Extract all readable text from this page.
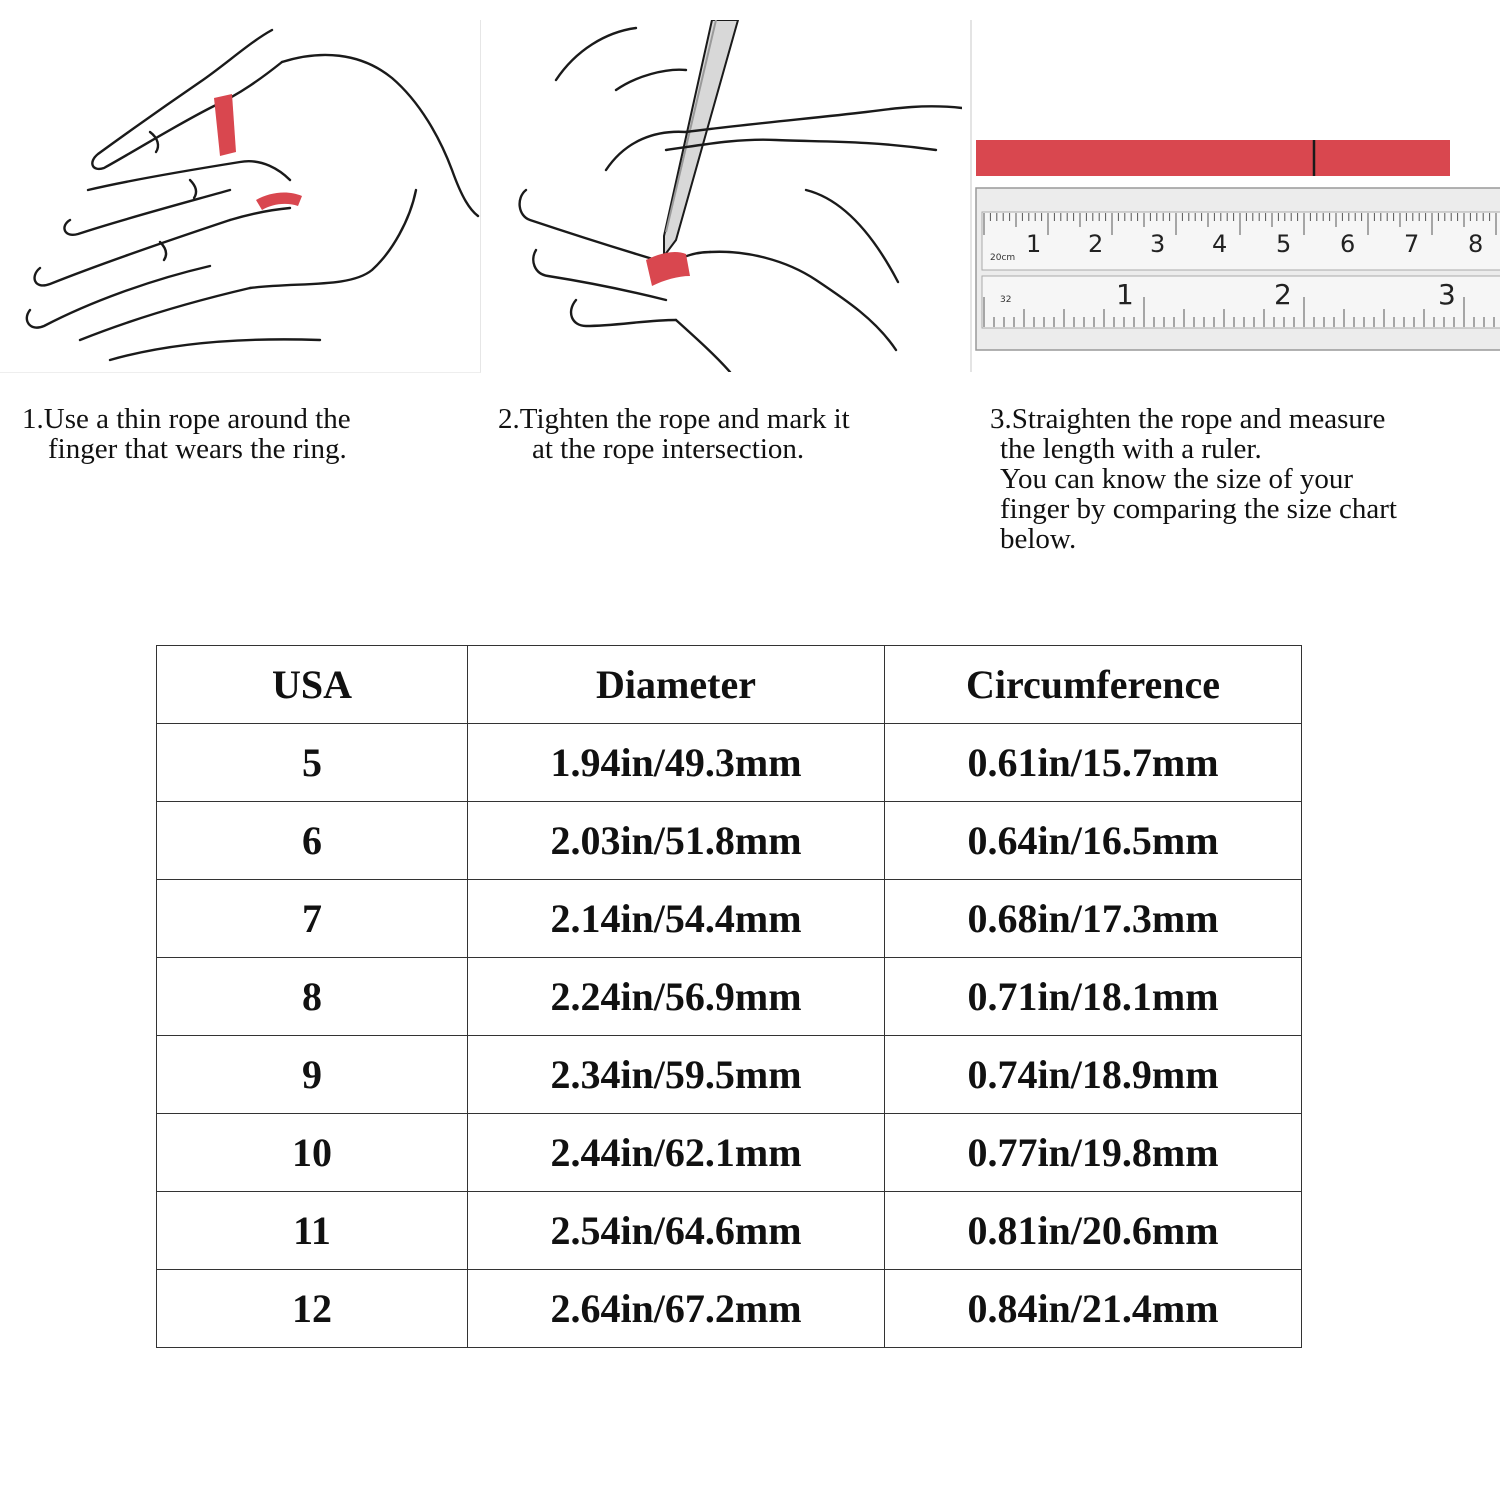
20cm
32
1 2 3 4 5 6 7 8
1	2	3
1.Use a thin rope around the
finger that wears the ring.
2.Tighten the rope and mark it
at the rope intersection.
3.Straighten the rope and measure
the length with a ruler.
You can know the size of your
finger by comparing the size chart
below.
USA	Diameter	Circumference
5	1.94in/49.3mm	0.61in/15.7mm
6	2.03in/51.8mm	0.64in/16.5mm
7	2.14in/54.4mm	0.68in/17.3mm
8	2.24in/56.9mm	0.71in/18.1mm
9	2.34in/59.5mm	0.74in/18.9mm
10	2.44in/62.1mm	0.77in/19.8mm
11	2.54in/64.6mm	0.81in/20.6mm
12	2.64in/67.2mm	0.84in/21.4mm
